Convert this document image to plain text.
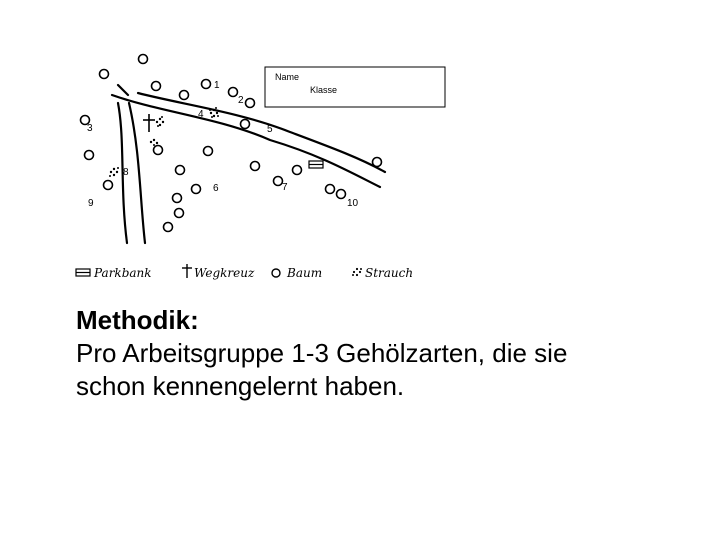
Name
Klasse
1
2
3
4
5
6	7
8
9	10
Parkbank	Wegkreuz	Baum	Strauch
Methodik:
Pro Arbeitsgruppe 1-3 Gehölzarten, die sie
schon kennengelernt haben.
